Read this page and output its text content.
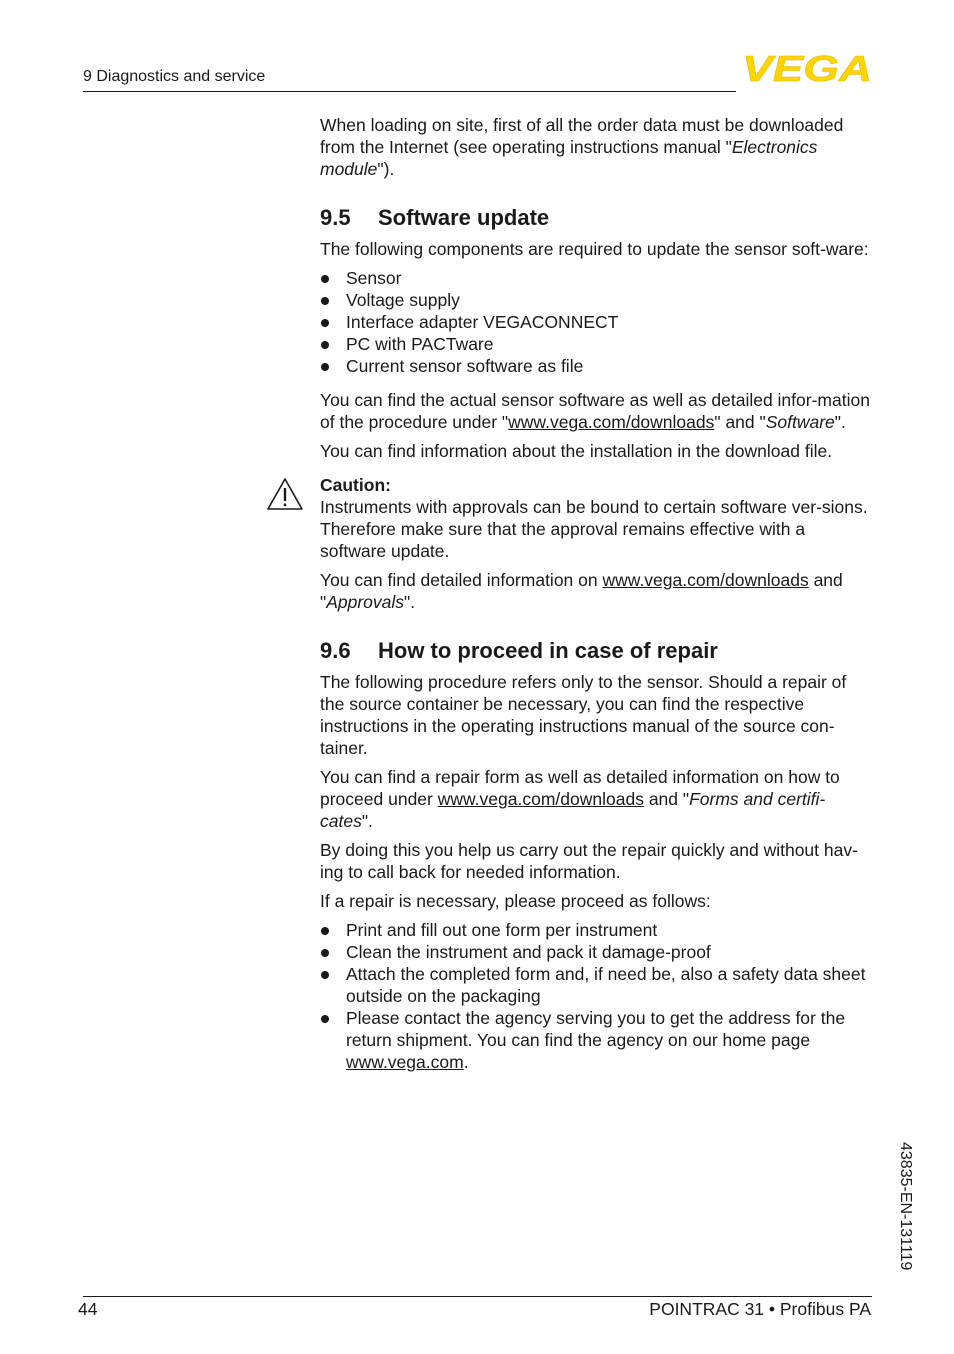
9 Diagnostics and service	VEGA

When loading on site, first of all the order data must be downloaded from the Internet (see operating instructions manual "Electronics module").

9.5 Software update

The following components are required to update the sensor soft-ware:

Sensor
Voltage supply
Interface adapter VEGACONNECT
PC with PACTware
Current sensor software as file

You can find the actual sensor software as well as detailed infor-mation of the procedure under "www.vega.com/downloads" and "Software".

You can find information about the installation in the download file.

Caution:

Instruments with approvals can be bound to certain software ver-sions. Therefore make sure that the approval remains effective with a software update.

You can find detailed information on www.vega.com/downloads and "Approvals".

9.6 How to proceed in case of repair

The following procedure refers only to the sensor. Should a repair of the source container be necessary, you can find the respective instructions in the operating instructions manual of the source con-tainer.

You can find a repair form as well as detailed information on how to proceed under www.vega.com/downloads and "Forms and certifi-cates".

By doing this you help us carry out the repair quickly and without hav-ing to call back for needed information.

If a repair is necessary, please proceed as follows:

Print and fill out one form per instrument
Clean the instrument and pack it damage-proof
Attach the completed form and, if need be, also a safety data sheet outside on the packaging
Please contact the agency serving you to get the address for the return shipment. You can find the agency on our home page www.vega.com.
43835-EN-131119
44	POINTRAC 31 • Profibus PA
